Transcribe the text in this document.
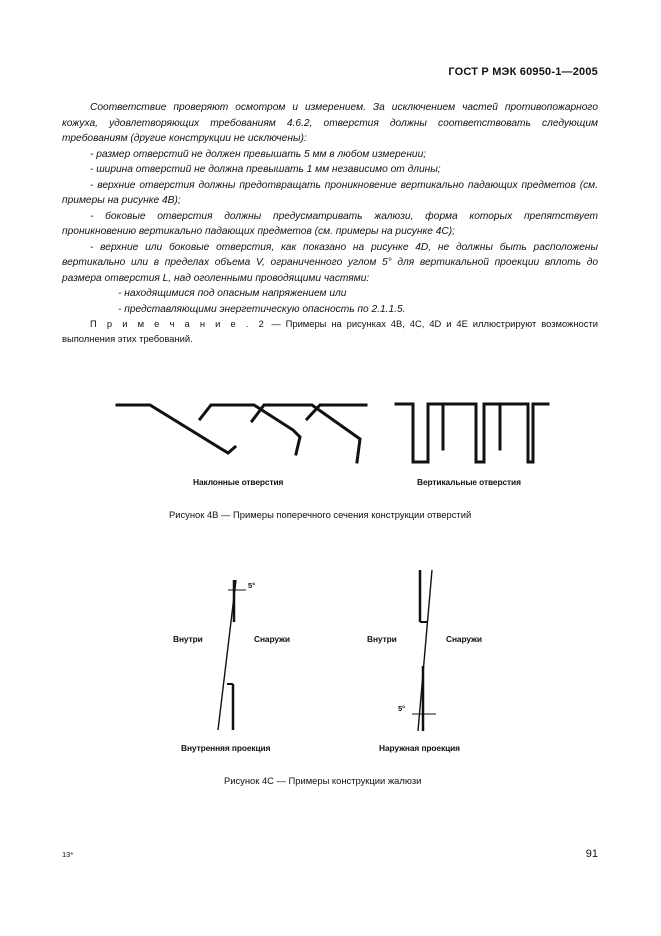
ГОСТ Р МЭК 60950-1—2005

Соответствие проверяют осмотром и измерением. За исключением частей противопожарного кожуха, удовлетворяющих требованиям 4.6.2, отверстия должны соответствовать следующим требованиям (другие конструкции не исключены):

- размер отверстий не должен превышать 5 мм в любом измерении;

- ширина отверстий не должна превышать 1 мм независимо от длины;

- верхние отверстия должны предотвращать проникновение вертикально падающих предметов (см. примеры на рисунке 4B);

- боковые отверстия должны предусматривать жалюзи, форма которых препятствует проникновению вертикально падающих предметов (см. примеры на рисунке 4C);

- верхние или боковые отверстия, как показано на рисунке 4D, не должны быть расположены вертикально или в пределах объема V, ограниченного углом 5° для вертикальной проекции вплоть до размера отверстия L, над оголенными проводящими частями:

- находящимися под опасным напряжением или

- представляющими энергетическую опасность по 2.1.1.5.

П р и м е ч а н и е . 2 — Примеры на рисунках 4B, 4C, 4D и 4E иллюстрируют возможности выполнения этих требований.

Наклонные отверстия	Вертикальные отверстия
Рисунок 4B — Примеры поперечного сечения конструкции отверстий
5°
Внутри	Снаружи
Внутренняя проекция
5°
Внутри	Снаружи
Наружная проекция
Рисунок 4C — Примеры конструкции жалюзи
13*	91
